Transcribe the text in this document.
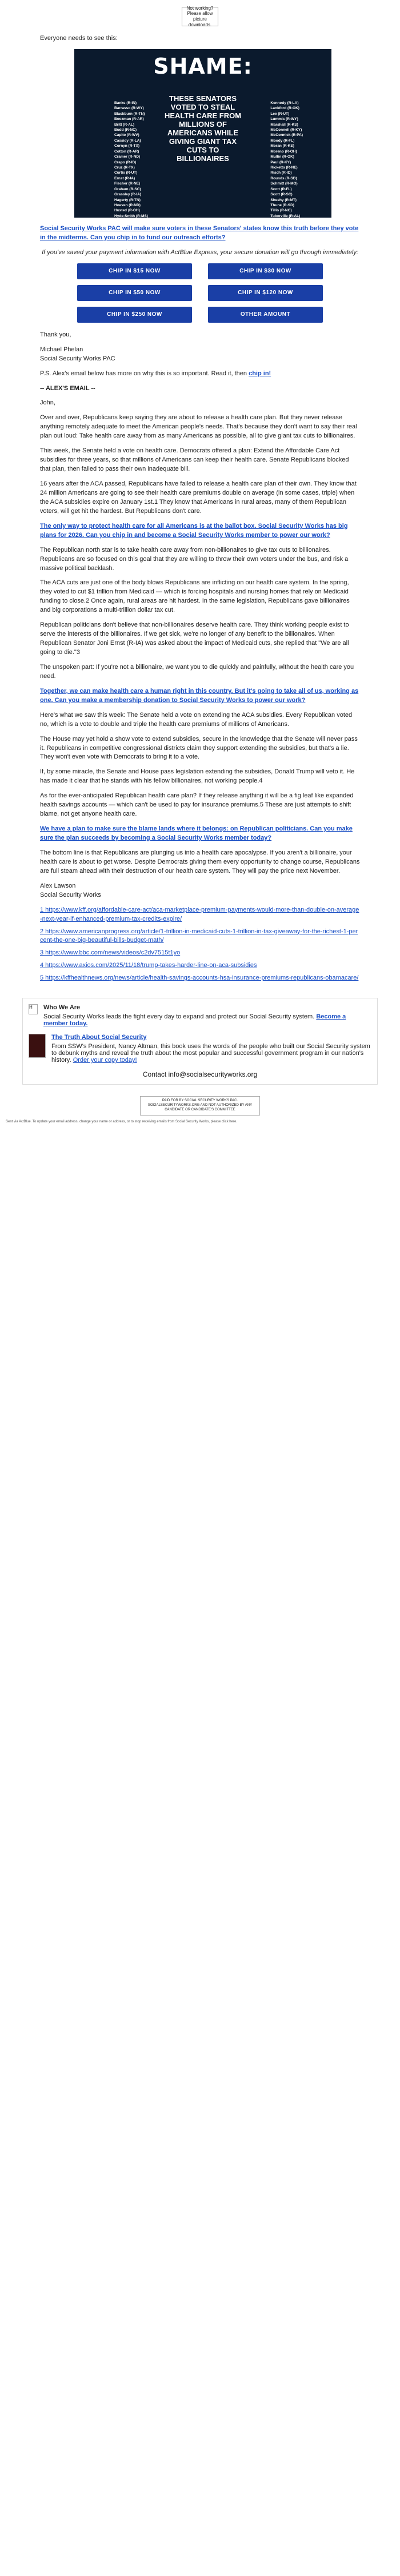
Not working? Please allow picture downloads.

Everyone needs to see this:

SHAME:
Banks (R-IN)
Barrasso (R-WY)
Blackburn (R-TN)
Boozman (R-AR)
Britt (R-AL)
Budd (R-NC)
Capito (R-WV)
Cassidy (R-LA)
Cornyn (R-TX)
Cotton (R-AR)
Cramer (R-ND)
Crapo (R-ID)
Cruz (R-TX)
Curtis (R-UT)
Ernst (R-IA)
Fischer (R-NE)
Graham (R-SC)
Grassley (R-IA)
Hagerty (R-TN)
Hoeven (R-ND)
Husted (R-OH)
Hyde-Smith (R-MS)
THESE SENATORS VOTED TO STEAL HEALTH CARE FROM MILLIONS OF AMERICANS WHILE GIVING GIANT TAX CUTS TO BILLIONAIRES
Kennedy (R-LA)
Lankford (R-OK)
Lee (R-UT)
Lummis (R-WY)
Marshall (R-KS)
McConnell (R-KY)
McCormick (R-PA)
Moody (R-FL)
Moran (R-KS)
Moreno (R-OH)
Mullin (R-OK)
Paul (R-KY)
Ricketts (R-NE)
Risch (R-ID)
Rounds (R-SD)
Schmitt (R-MO)
Scott (R-FL)
Scott (R-SC)
Sheehy (R-MT)
Thune (R-SD)
Tillis (R-NC)
Tuberville (R-AL)

Social Security Works PAC will make sure voters in these Senators' states know this truth before they vote in the midterms. Can you chip in to fund our outreach efforts?

If you've saved your payment information with ActBlue Express, your secure donation will go through immediately:

CHIP IN $15 NOW	CHIP IN $30 NOW
CHIP IN $50 NOW	CHIP IN $120 NOW
CHIP IN $250 NOW	OTHER AMOUNT

Thank you,

Michael Phelan

Social Security Works PAC

P.S. Alex's email below has more on why this is so important. Read it, then chip in!

-- ALEX'S EMAIL --

John,

Over and over, Republicans keep saying they are about to release a health care plan. But they never release anything remotely adequate to meet the American people's needs. That's because they don't want to say their real plan out loud: Take health care away from as many Americans as possible, all to give giant tax cuts to billionaires.

This week, the Senate held a vote on health care. Democrats offered a plan: Extend the Affordable Care Act subsidies for three years, so that millions of Americans can keep their health care. Senate Republicans blocked that plan, then failed to pass their own inadequate bill.

16 years after the ACA passed, Republicans have failed to release a health care plan of their own. They know that 24 million Americans are going to see their health care premiums double on average (in some cases, triple) when the ACA subsidies expire on January 1st.1 They know that Americans in rural areas, many of them Republican voters, will get hit the hardest. But Republicans don't care.

The only way to protect health care for all Americans is at the ballot box. Social Security Works has big plans for 2026. Can you chip in and become a Social Security Works member to power our work?

The Republican north star is to take health care away from non-billionaires to give tax cuts to billionaires. Republicans are so focused on this goal that they are willing to throw their own voters under the bus, and risk a massive political backlash.

The ACA cuts are just one of the body blows Republicans are inflicting on our health care system. In the spring, they voted to cut $1 trillion from Medicaid — which is forcing hospitals and nursing homes that rely on Medicaid funding to close.2 Once again, rural areas are hit hardest. In the same legislation, Republicans gave billionaires and big corporations a multi-trillion dollar tax cut.

Republican politicians don't believe that non-billionaires deserve health care. They think working people exist to serve the interests of the billionaires. If we get sick, we're no longer of any benefit to the billionaires. When Republican Senator Joni Ernst (R-IA) was asked about the impact of Medicaid cuts, she replied that "We are all going to die."3

The unspoken part: If you're not a billionaire, we want you to die quickly and painfully, without the health care you need.

Together, we can make health care a human right in this country. But it's going to take all of us, working as one. Can you make a membership donation to Social Security Works to power our work?

Here's what we saw this week: The Senate held a vote on extending the ACA subsidies. Every Republican voted no, which is a vote to double and triple the health care premiums of millions of Americans.

The House may yet hold a show vote to extend subsidies, secure in the knowledge that the Senate will never pass it. Republicans in competitive congressional districts claim they support extending the subsidies, but that's a lie. They won't even vote with Democrats to bring it to a vote.

If, by some miracle, the Senate and House pass legislation extending the subsidies, Donald Trump will veto it. He has made it clear that he stands with his fellow billionaires, not working people.4

As for the ever-anticipated Republican health care plan? If they release anything it will be a fig leaf like expanded health savings accounts — which can't be used to pay for insurance premiums.5 These are just attempts to shift blame, not get anyone health care.

We have a plan to make sure the blame lands where it belongs: on Republican politicians. Can you make sure the plan succeeds by becoming a Social Security Works member today?

The bottom line is that Republicans are plunging us into a health care apocalypse. If you aren't a billionaire, your health care is about to get worse. Despite Democrats giving them every opportunity to change course, Republicans are full steam ahead with their destruction of our health care system. They will pay the price next November.

Alex Lawson

Social Security Works

1 https://www.kff.org/affordable-care-act/aca-marketplace-premium-payments-would-more-than-double-on-average-next-year-if-enhanced-premium-tax-credits-expire/

2 https://www.americanprogress.org/article/1-trillion-in-medicaid-cuts-1-trillion-in-tax-giveaway-for-the-richest-1-percent-the-one-big-beautiful-bills-budget-math/

3 https://www.bbc.com/news/videos/c2dv7515t1yo

4 https://www.axios.com/2025/11/18/trump-takes-harder-line-on-aca-subsidies

5 https://kffhealthnews.org/news/article/health-savings-accounts-hsa-insurance-premiums-republicans-obamacare/

H	Who We Are
Social Security Works leads the fight every day to expand and protect our Social Security system. Become a member today.
The Truth About Social Security
From SSW's President, Nancy Altman, this book uses the words of the people who built our Social Security system to debunk myths and reveal the truth about the most popular and successful government program in our nation's history. Order your copy today!
Contact info@socialsecurityworks.org
PAID FOR BY SOCIAL SECURITY WORKS PAC. SOCIALSECURITYWORKS.ORG AND NOT AUTHORIZED BY ANY CANDIDATE OR CANDIDATE'S COMMITTEE
Sent via ActBlue. To update your email address, change your name or address, or to stop receiving emails from Social Security Works, please click here.
